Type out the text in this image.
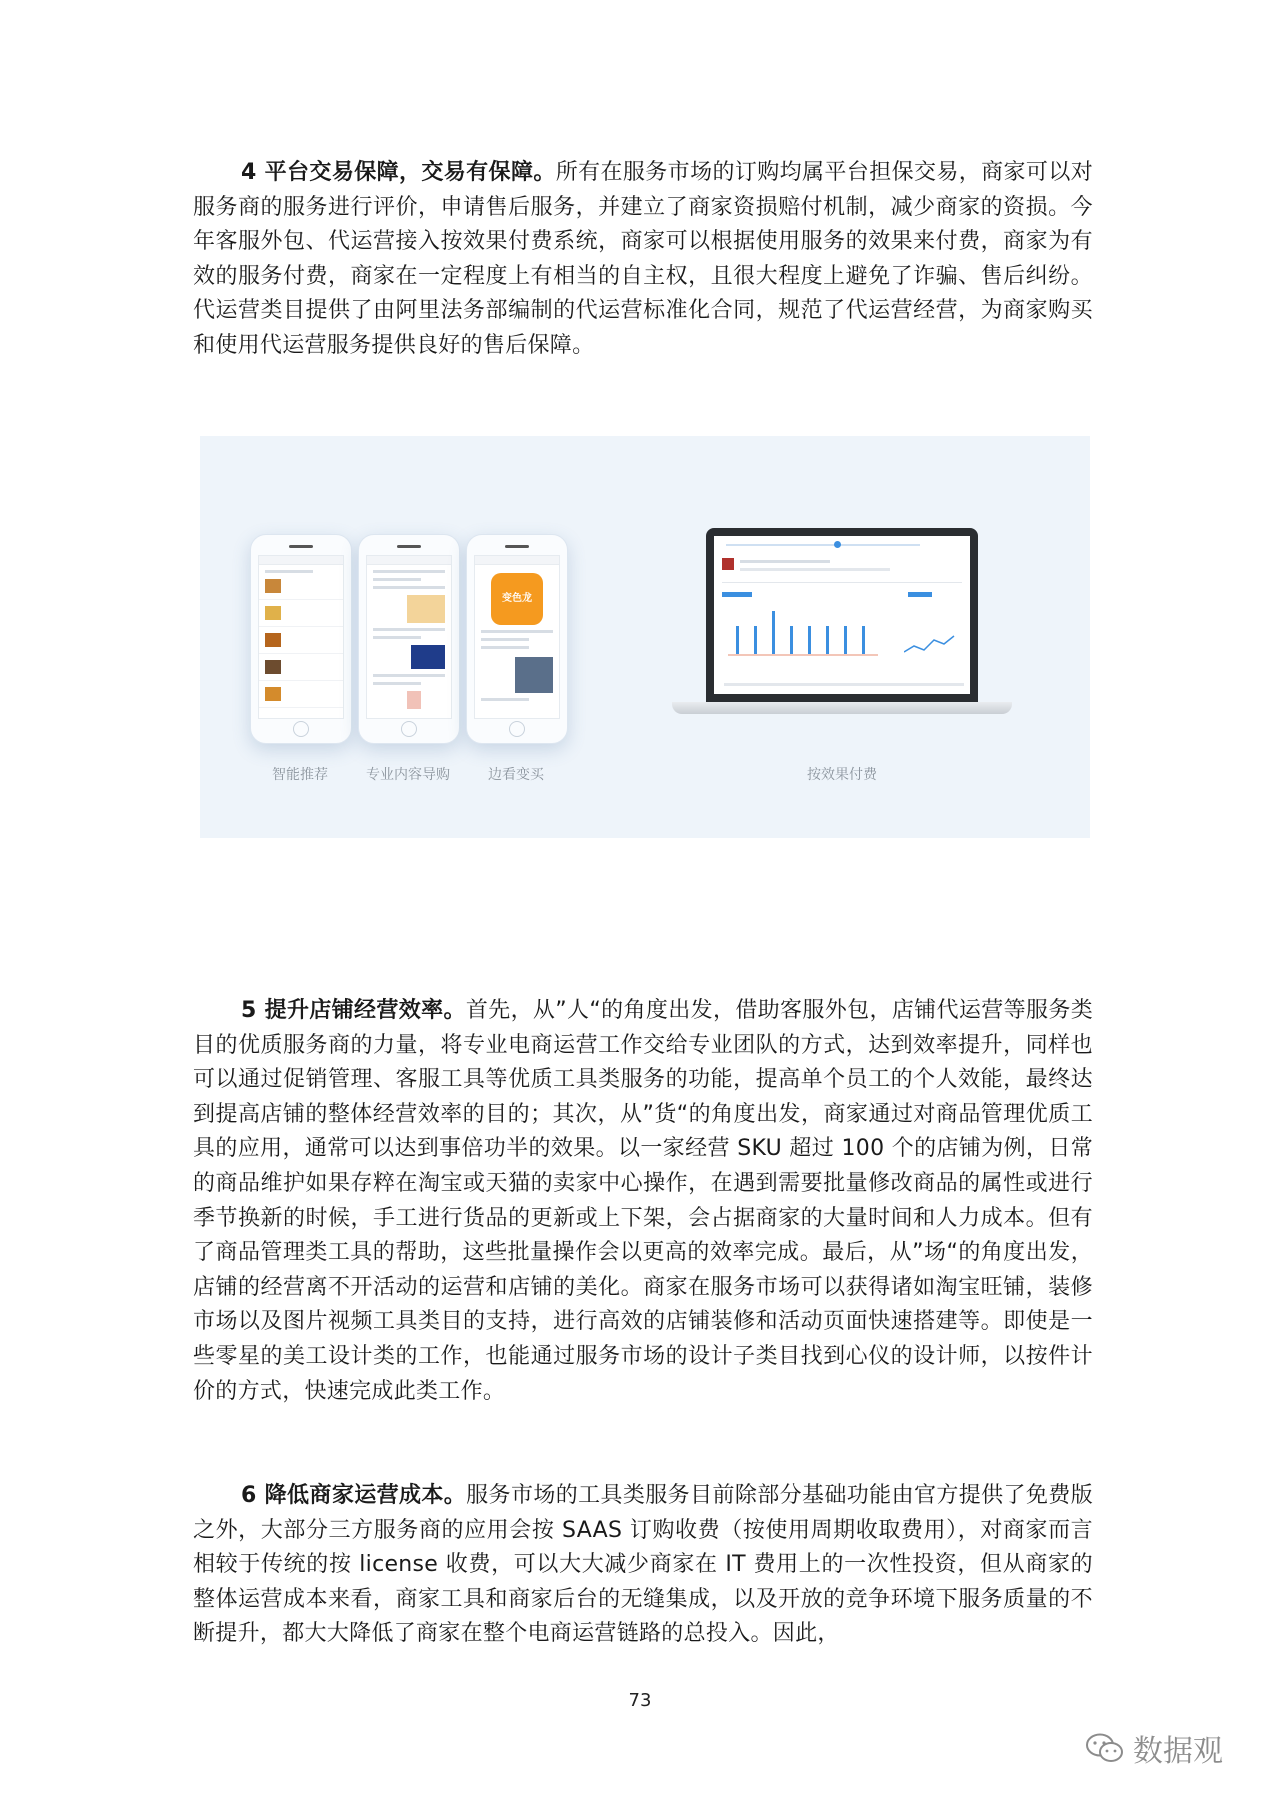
4 平台交易保障，交易有保障。所有在服务市场的订购均属平台担保交易，商家可以对服务商的服务进行评价，申请售后服务，并建立了商家资损赔付机制，减少商家的资损。今年客服外包、代运营接入按效果付费系统，商家可以根据使用服务的效果来付费，商家为有效的服务付费，商家在一定程度上有相当的自主权，且很大程度上避免了诈骗、售后纠纷。代运营类目提供了由阿里法务部编制的代运营标准化合同，规范了代运营经营，为商家购买和使用代运营服务提供良好的售后保障。

智能推荐	专业内容导购
变色龙
边看变买	按效果付费

5 提升店铺经营效率。首先，从”人“的角度出发，借助客服外包，店铺代运营等服务类目的优质服务商的力量，将专业电商运营工作交给专业团队的方式，达到效率提升，同样也可以通过促销管理、客服工具等优质工具类服务的功能，提高单个员工的个人效能，最终达到提高店铺的整体经营效率的目的；其次，从”货“的角度出发，商家通过对商品管理优质工具的应用，通常可以达到事倍功半的效果。以一家经营 SKU 超过 100 个的店铺为例，日常的商品维护如果存粹在淘宝或天猫的卖家中心操作，在遇到需要批量修改商品的属性或进行季节换新的时候，手工进行货品的更新或上下架，会占据商家的大量时间和人力成本。但有了商品管理类工具的帮助，这些批量操作会以更高的效率完成。最后，从”场“的角度出发，店铺的经营离不开活动的运营和店铺的美化。商家在服务市场可以获得诸如淘宝旺铺，装修市场以及图片视频工具类目的支持，进行高效的店铺装修和活动页面快速搭建等。即使是一些零星的美工设计类的工作，也能通过服务市场的设计子类目找到心仪的设计师，以按件计价的方式，快速完成此类工作。

6 降低商家运营成本。服务市场的工具类服务目前除部分基础功能由官方提供了免费版之外，大部分三方服务商的应用会按 SAAS 订购收费（按使用周期收取费用），对商家而言相较于传统的按 license 收费，可以大大减少商家在 IT 费用上的一次性投资，但从商家的整体运营成本来看，商家工具和商家后台的无缝集成，以及开放的竞争环境下服务质量的不断提升，都大大降低了商家在整个电商运营链路的总投入。因此，

73
数据观
